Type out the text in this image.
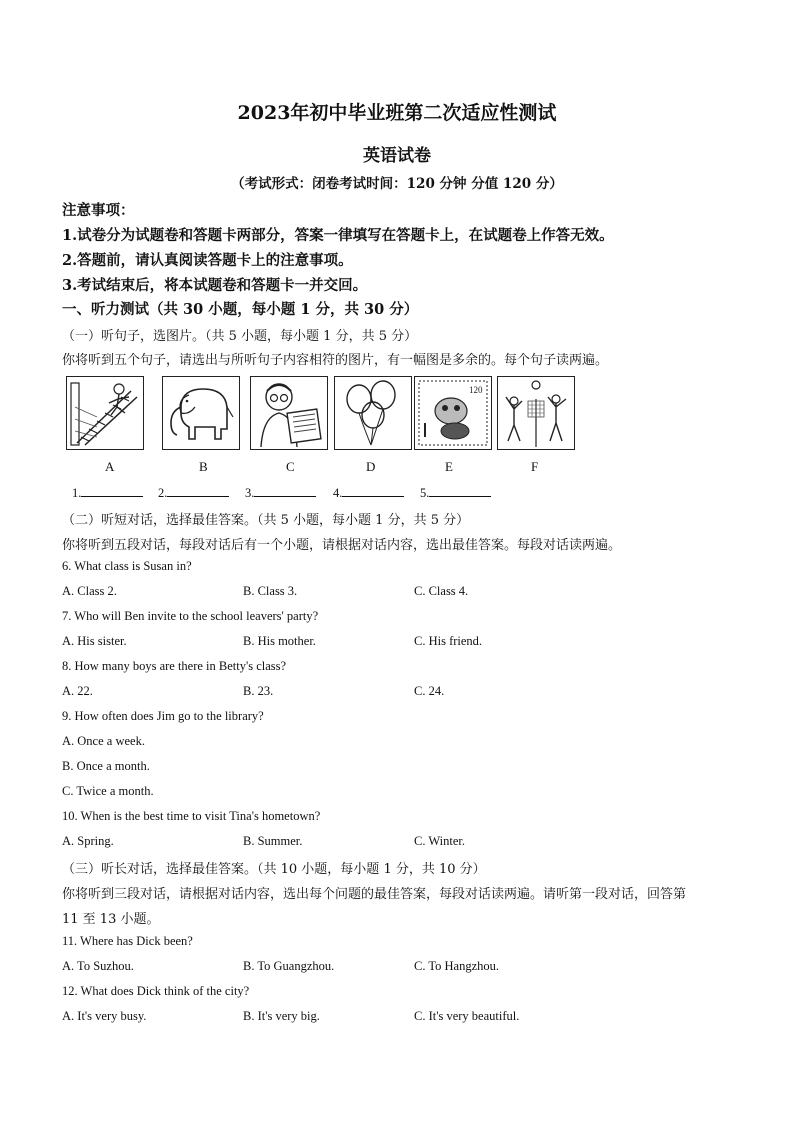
2023年初中毕业班第二次适应性测试
英语试卷
（考试形式：闭卷考试时间：120 分钟 分值 120 分）
注意事项：
1.试卷分为试题卷和答题卡两部分，答案一律填写在答题卡上，在试题卷上作答无效。
2.答题前，请认真阅读答题卡上的注意事项。
3.考试结束后，将本试题卷和答题卡一并交回。
一、听力测试（共 30 小题，每小题 1 分，共 30 分）
（一）听句子，选图片。（共 5 小题，每小题 1 分，共 5 分）
你将听到五个句子，请选出与所听句子内容相符的图片，有一幅图是多余的。每个句子读两遍。
120
A	B	C	D	E	F
1.	2.	3.	4.	5.
（二）听短对话，选择最佳答案。（共 5 小题，每小题 1 分，共 5 分）
你将听到五段对话，每段对话后有一个小题，请根据对话内容，选出最佳答案。每段对话读两遍。
6. What class is Susan in?
A. Class 2.	B. Class 3.	C. Class 4.
7. Who will Ben invite to the school leavers' party?
A. His sister.	B. His mother.	C. His friend.
8. How many boys are there in Betty's class?
A. 22.	B. 23.	C. 24.
9. How often does Jim go to the library?
A. Once a week.
B. Once a month.
C. Twice a month.
10. When is the best time to visit Tina's hometown?
A. Spring.	B. Summer.	C. Winter.
（三）听长对话，选择最佳答案。（共 10 小题，每小题 1 分，共 10 分）
你将听到三段对话，请根据对话内容，选出每个问题的最佳答案，每段对话读两遍。请听第一段对话，回答第
11 至 13 小题。
11. Where has Dick been?
A. To Suzhou.	B. To Guangzhou.	C. To Hangzhou.
12. What does Dick think of the city?
A. It's very busy.	B. It's very big.	C. It's very beautiful.
